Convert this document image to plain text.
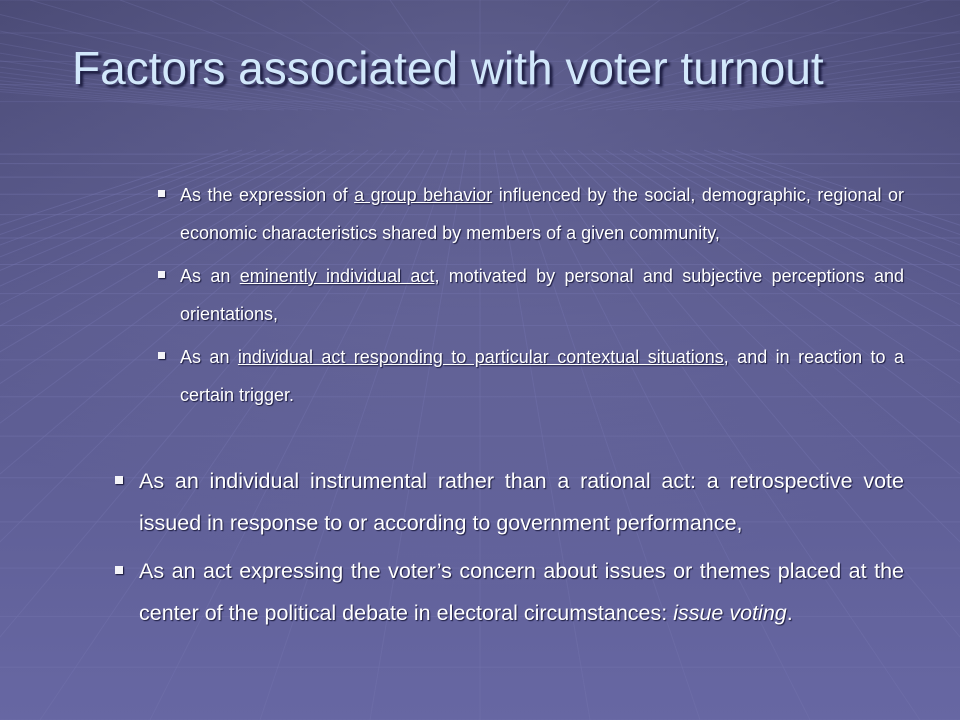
Factors associated with voter turnout
As the expression of a group behavior influenced by the social, demographic, regional or economic characteristics shared by members of a given community,
As an eminently individual act, motivated by personal and subjective perceptions and orientations,
As an individual act responding to particular contextual situations, and in reaction to a certain trigger.
As an individual instrumental rather than a rational act: a retrospective vote issued in response to or according to government performance,
As an act expressing the voter’s concern about issues or themes placed at the center of the political debate in electoral circumstances: issue voting.
